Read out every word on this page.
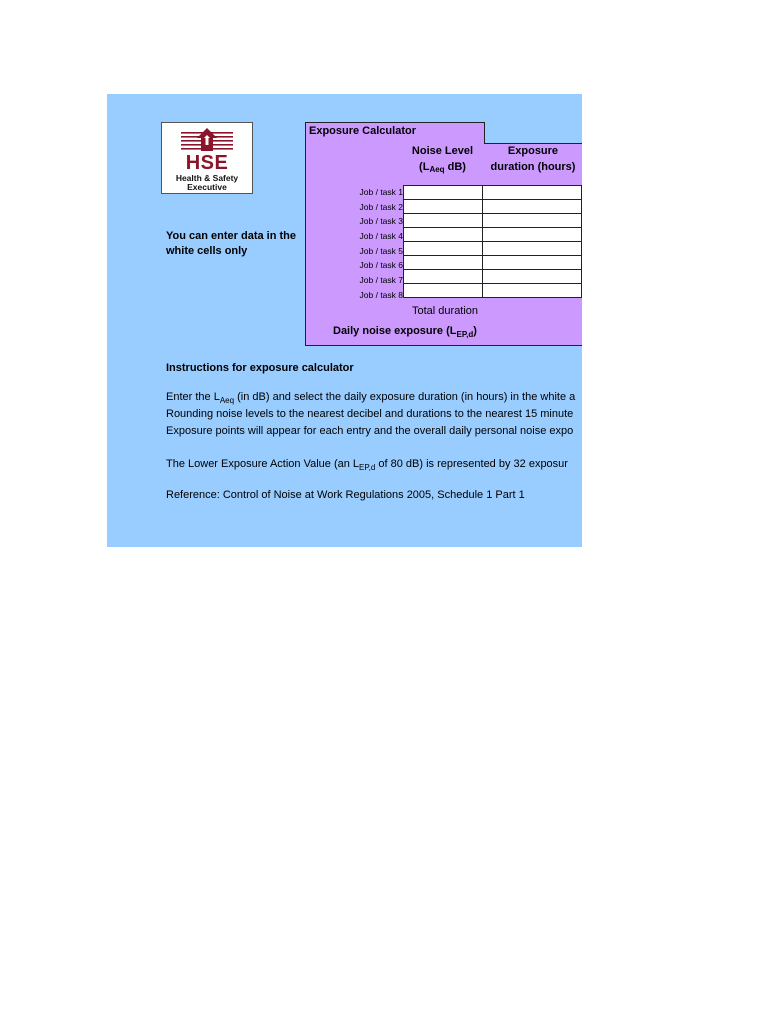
HSE
Health & Safety
Executive
You can enter data in the white cells only
Exposure Calculator
Noise Level
($L_{Aeq}$ dB)
Exposure
duration (hours)
Job / task 1
Job / task 2
Job / task 3
Job / task 4
Job / task 5
Job / task 6
Job / task 7
Job / task 8
Total duration
Daily noise exposure $(L_{EP,d})$
Instructions for exposure calculator
Enter the $L_{Aeq}$ (in dB) and select the daily exposure duration (in hours) in the white a
Rounding noise levels to the nearest decibel and durations to the nearest 15 minute
Exposure points will appear for each entry and the overall daily personal noise expo
The Lower Exposure Action Value (an $L_{EP,d}$ of 80 dB) is represented by 32 exposur
Reference: Control of Noise at Work Regulations 2005, Schedule 1 Part 1
